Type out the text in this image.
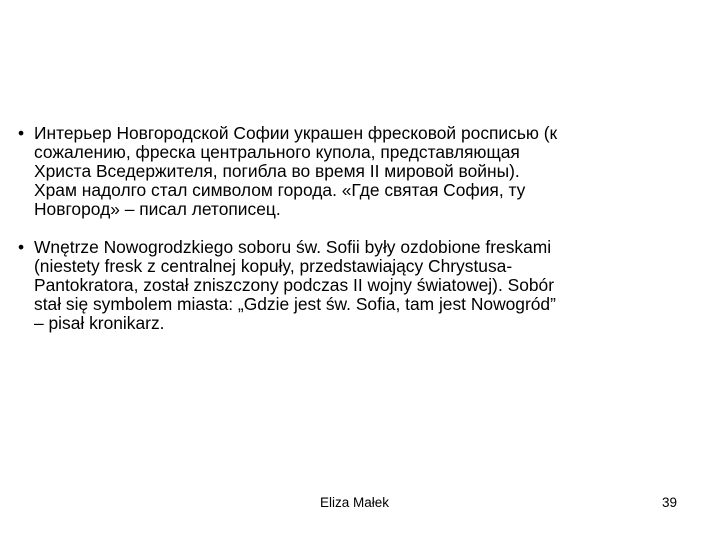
• Интерьер Новгородской Софии украшен фресковой росписью (к
сожалению, фреска центрального купола, представляющая
Христа Вседержителя, погибла во время II мировой войны).
Храм надолго стал символом города. «Где святая София, ту
Новгород» – писал летописец.
• Wnętrze Nowogrodzkiego soboru św. Sofii były ozdobione freskami
(niestety fresk z centralnej kopuły, przedstawiający Chrystusa-
Pantokratora, został zniszczony podczas II wojny światowej). Sobór
stał się symbolem miasta: „Gdzie jest św. Sofia, tam jest Nowogród”
– pisał kronikarz.
Eliza Małek	39
